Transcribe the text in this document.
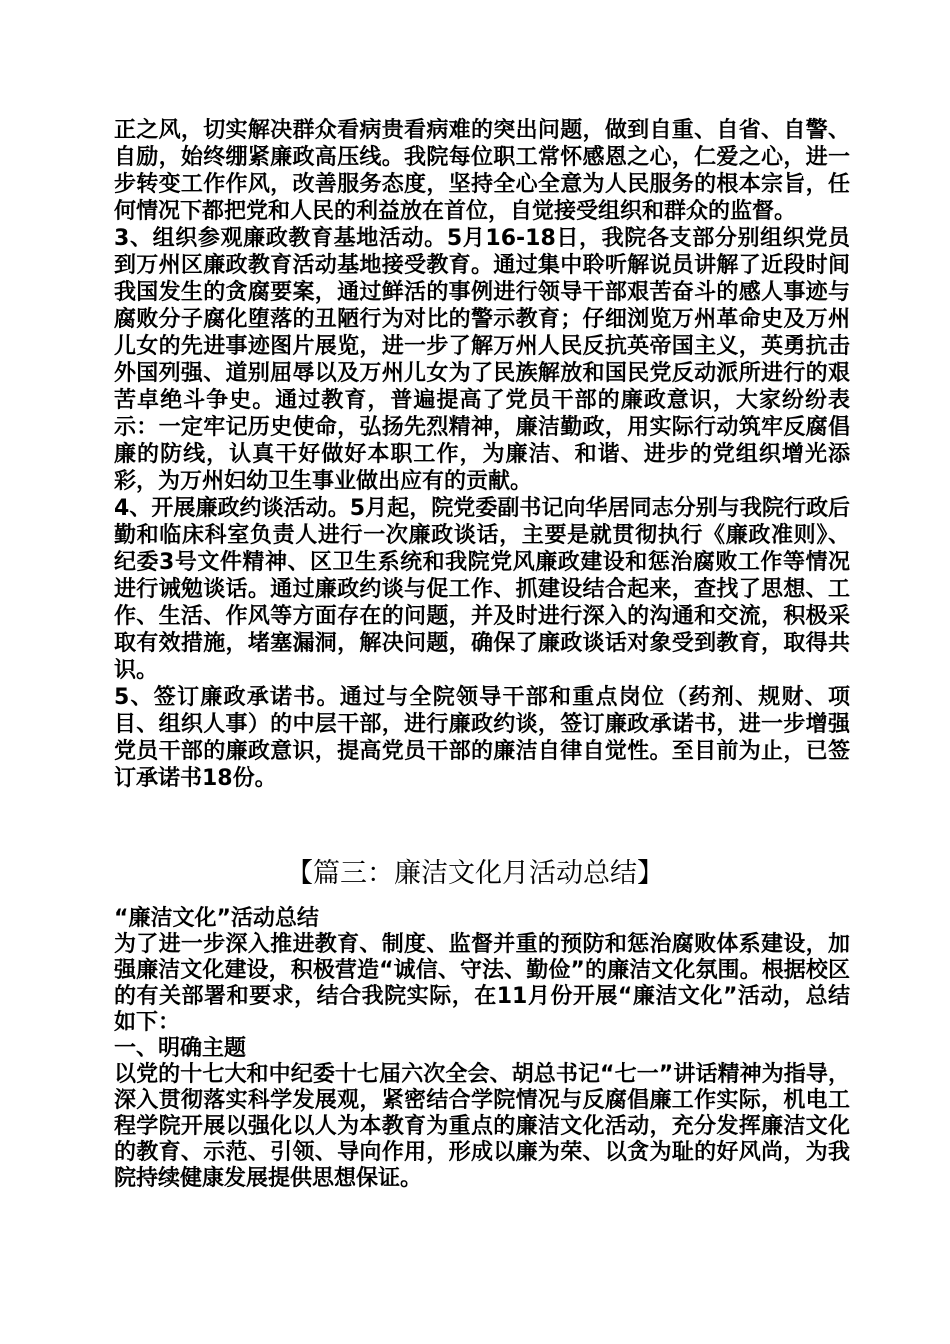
正之风，切实解决群众看病贵看病难的突出问题，做到自重、自省、自警、自励，始终绷紧廉政高压线。我院每位职工常怀感恩之心，仁爱之心，进一步转变工作作风，改善服务态度，坚持全心全意为人民服务的根本宗旨，任何情况下都把党和人民的利益放在首位，自觉接受组织和群众的监督。

3、组织参观廉政教育基地活动。5月16-18日，我院各支部分别组织党员到万州区廉政教育活动基地接受教育。通过集中聆听解说员讲解了近段时间我国发生的贪腐要案，通过鲜活的事例进行领导干部艰苦奋斗的感人事迹与腐败分子腐化堕落的丑陋行为对比的警示教育；仔细浏览万州革命史及万州儿女的先进事迹图片展览，进一步了解万州人民反抗英帝国主义，英勇抗击外国列强、道别屈辱以及万州儿女为了民族解放和国民党反动派所进行的艰苦卓绝斗争史。通过教育，普遍提高了党员干部的廉政意识，大家纷纷表示：一定牢记历史使命，弘扬先烈精神，廉洁勤政，用实际行动筑牢反腐倡廉的防线，认真干好做好本职工作，为廉洁、和谐、进步的党组织增光添彩，为万州妇幼卫生事业做出应有的贡献。

4、开展廉政约谈活动。5月起，院党委副书记向华居同志分别与我院行政后勤和临床科室负责人进行一次廉政谈话，主要是就贯彻执行《廉政准则》、纪委3号文件精神、区卫生系统和我院党风廉政建设和惩治腐败工作等情况进行诫勉谈话。通过廉政约谈与促工作、抓建设结合起来，查找了思想、工作、生活、作风等方面存在的问题，并及时进行深入的沟通和交流，积极采取有效措施，堵塞漏洞，解决问题，确保了廉政谈话对象受到教育，取得共识。

5、签订廉政承诺书。通过与全院领导干部和重点岗位（药剂、规财、项目、组织人事）的中层干部，进行廉政约谈，签订廉政承诺书，进一步增强党员干部的廉政意识，提高党员干部的廉洁自律自觉性。至目前为止，已签订承诺书18份。

【篇三：廉洁文化月活动总结】

“廉洁文化”活动总结

为了进一步深入推进教育、制度、监督并重的预防和惩治腐败体系建设，加强廉洁文化建设，积极营造“诚信、守法、勤俭”的廉洁文化氛围。根据校区的有关部署和要求，结合我院实际，在11月份开展“廉洁文化”活动，总结如下：

一、明确主题

以党的十七大和中纪委十七届六次全会、胡总书记“七一”讲话精神为指导，深入贯彻落实科学发展观，紧密结合学院情况与反腐倡廉工作实际，机电工程学院开展以强化以人为本教育为重点的廉洁文化活动，充分发挥廉洁文化的教育、示范、引领、导向作用，形成以廉为荣、以贪为耻的好风尚，为我院持续健康发展提供思想保证。
